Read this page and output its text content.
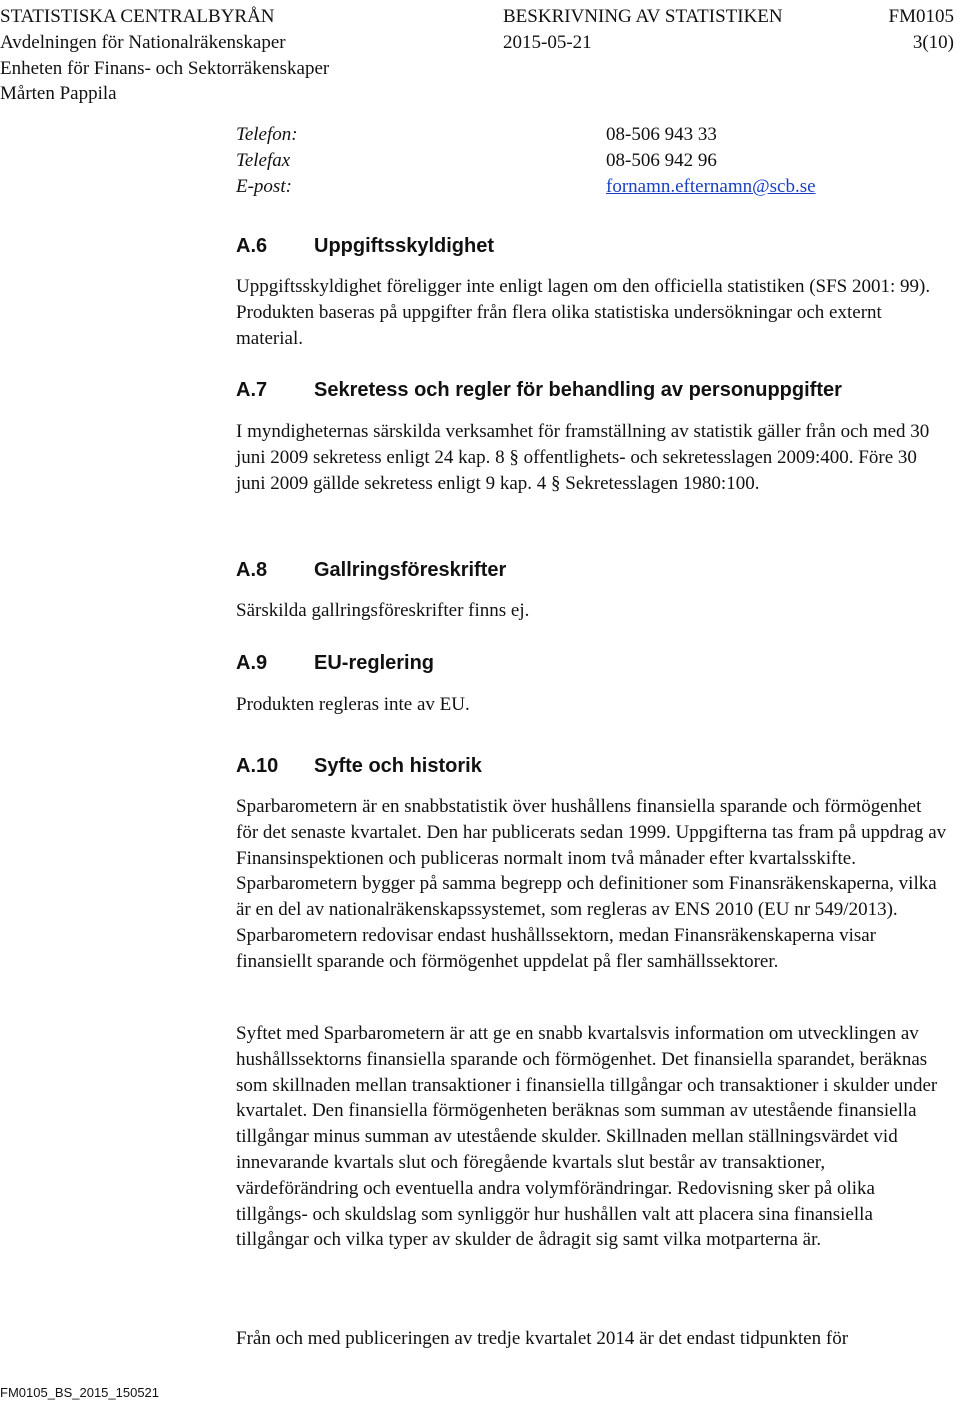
STATISTISKA CENTRALBYRÅN	BESKRIVNING AV STATISTIKEN	FM0105
Avdelningen för Nationalräkenskaper	2015-05-21	3(10)
Enheten för Finans- och Sektorräkenskaper
Mårten Pappila
Telefon:	08-506 943 33
Telefax	08-506 942 96
E-post:	fornamn.efternamn@scb.se
A.6 Uppgiftsskyldighet

Uppgiftsskyldighet föreligger inte enligt lagen om den officiella statistiken (SFS 2001: 99). Produkten baseras på uppgifter från flera olika statistiska undersökningar och externt material.

A.7 Sekretess och regler för behandling av personuppgifter

I myndigheternas särskilda verksamhet för framställning av statistik gäller från och med 30 juni 2009 sekretess enligt 24 kap. 8 § offentlighets- och sekretesslagen 2009:400. Före 30 juni 2009 gällde sekretess enligt 9 kap. 4 § Sekretesslagen 1980:100.

A.8 Gallringsföreskrifter

Särskilda gallringsföreskrifter finns ej.

A.9 EU-reglering

Produkten regleras inte av EU.

A.10 Syfte och historik

Sparbarometern är en snabbstatistik över hushållens finansiella sparande och förmögenhet för det senaste kvartalet. Den har publicerats sedan 1999. Uppgifterna tas fram på uppdrag av Finansinspektionen och publiceras normalt inom två månader efter kvartalsskifte. Sparbarometern bygger på samma begrepp och definitioner som Finansräkenskaperna, vilka är en del av nationalräkenskapssystemet, som regleras av ENS 2010 (EU nr 549/2013). Sparbarometern redovisar endast hushållssektorn, medan Finansräkenskaperna visar finansiellt sparande och förmögenhet uppdelat på fler samhällssektorer.

Syftet med Sparbarometern är att ge en snabb kvartalsvis information om utvecklingen av hushållssektorns finansiella sparande och förmögenhet. Det finansiella sparandet, beräknas som skillnaden mellan transaktioner i finansiella tillgångar och transaktioner i skulder under kvartalet. Den finansiella förmögenheten beräknas som summan av utestående finansiella tillgångar minus summan av utestående skulder. Skillnaden mellan ställningsvärdet vid innevarande kvartals slut och föregående kvartals slut består av transaktioner, värdeförändring och eventuella andra volymförändringar. Redovisning sker på olika tillgångs- och skuldslag som synliggör hur hushållen valt att placera sina finansiella tillgångar och vilka typer av skulder de ådragit sig samt vilka motparterna är.

Från och med publiceringen av tredje kvartalet 2014 är det endast tidpunkten för

FM0105_BS_2015_150521
